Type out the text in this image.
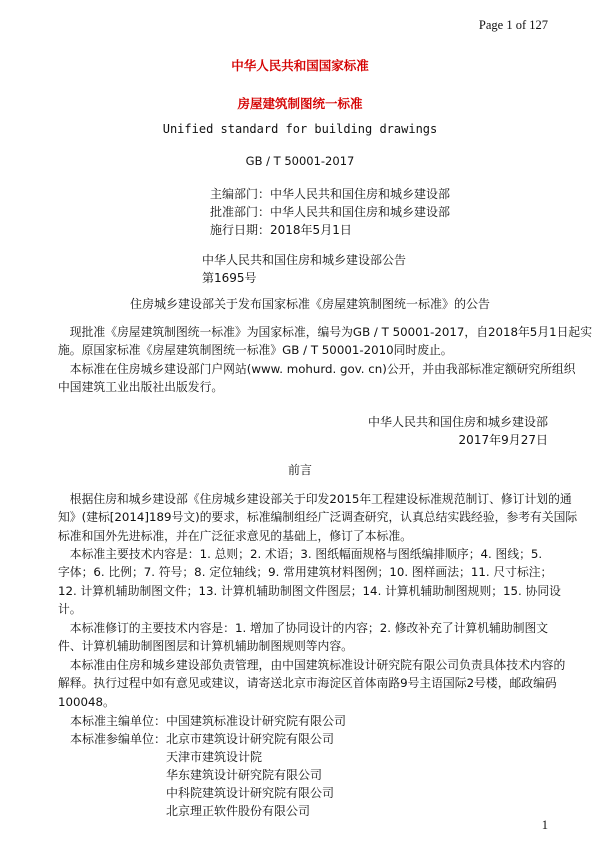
Page 1 of 127
中华人民共和国国家标准
房屋建筑制图统一标准
Unified standard for building drawings
GB / T 50001-2017
主编部门：中华人民共和国住房和城乡建设部
批准部门：中华人民共和国住房和城乡建设部
施行日期：2018年5月1日
中华人民共和国住房和城乡建设部公告
第1695号
住房城乡建设部关于发布国家标准《房屋建筑制图统一标准》的公告
现批准《房屋建筑制图统一标准》为国家标准，编号为GB / T 50001-2017，自2018年5月1日起实
施。原国家标准《房屋建筑制图统一标准》GB / T 50001-2010同时废止。
本标准在住房城乡建设部门户网站(www. mohurd. gov. cn)公开，并由我部标准定额研究所组织
中国建筑工业出版社出版发行。
中华人民共和国住房和城乡建设部
2017年9月27日
前言
根据住房和城乡建设部《住房城乡建设部关于印发2015年工程建设标准规范制订、修订计划的通
知》(建标[2014]189号文)的要求，标准编制组经广泛调查研究，认真总结实践经验，参考有关国际
标准和国外先进标准，并在广泛征求意见的基础上，修订了本标准。
本标准主要技术内容是：1. 总则；2. 术语；3. 图纸幅面规格与图纸编排顺序；4. 图线；5.
字体；6. 比例；7. 符号；8. 定位轴线；9. 常用建筑材料图例；10. 图样画法；11. 尺寸标注；
12. 计算机辅助制图文件；13. 计算机辅助制图文件图层；14. 计算机辅助制图规则；15. 协同设
计。
本标准修订的主要技术内容是：1. 增加了协同设计的内容；2. 修改补充了计算机辅助制图文
件、计算机辅助制图图层和计算机辅助制图规则等内容。
本标准由住房和城乡建设部负责管理，由中国建筑标准设计研究院有限公司负责具体技术内容的
解释。执行过程中如有意见或建议，请寄送北京市海淀区首体南路9号主语国际2号楼，邮政编码
100048。
本标准主编单位：中国建筑标准设计研究院有限公司
本标准参编单位：北京市建筑设计研究院有限公司
天津市建筑设计院
华东建筑设计研究院有限公司
中科院建筑设计研究院有限公司
北京理正软件股份有限公司
1
